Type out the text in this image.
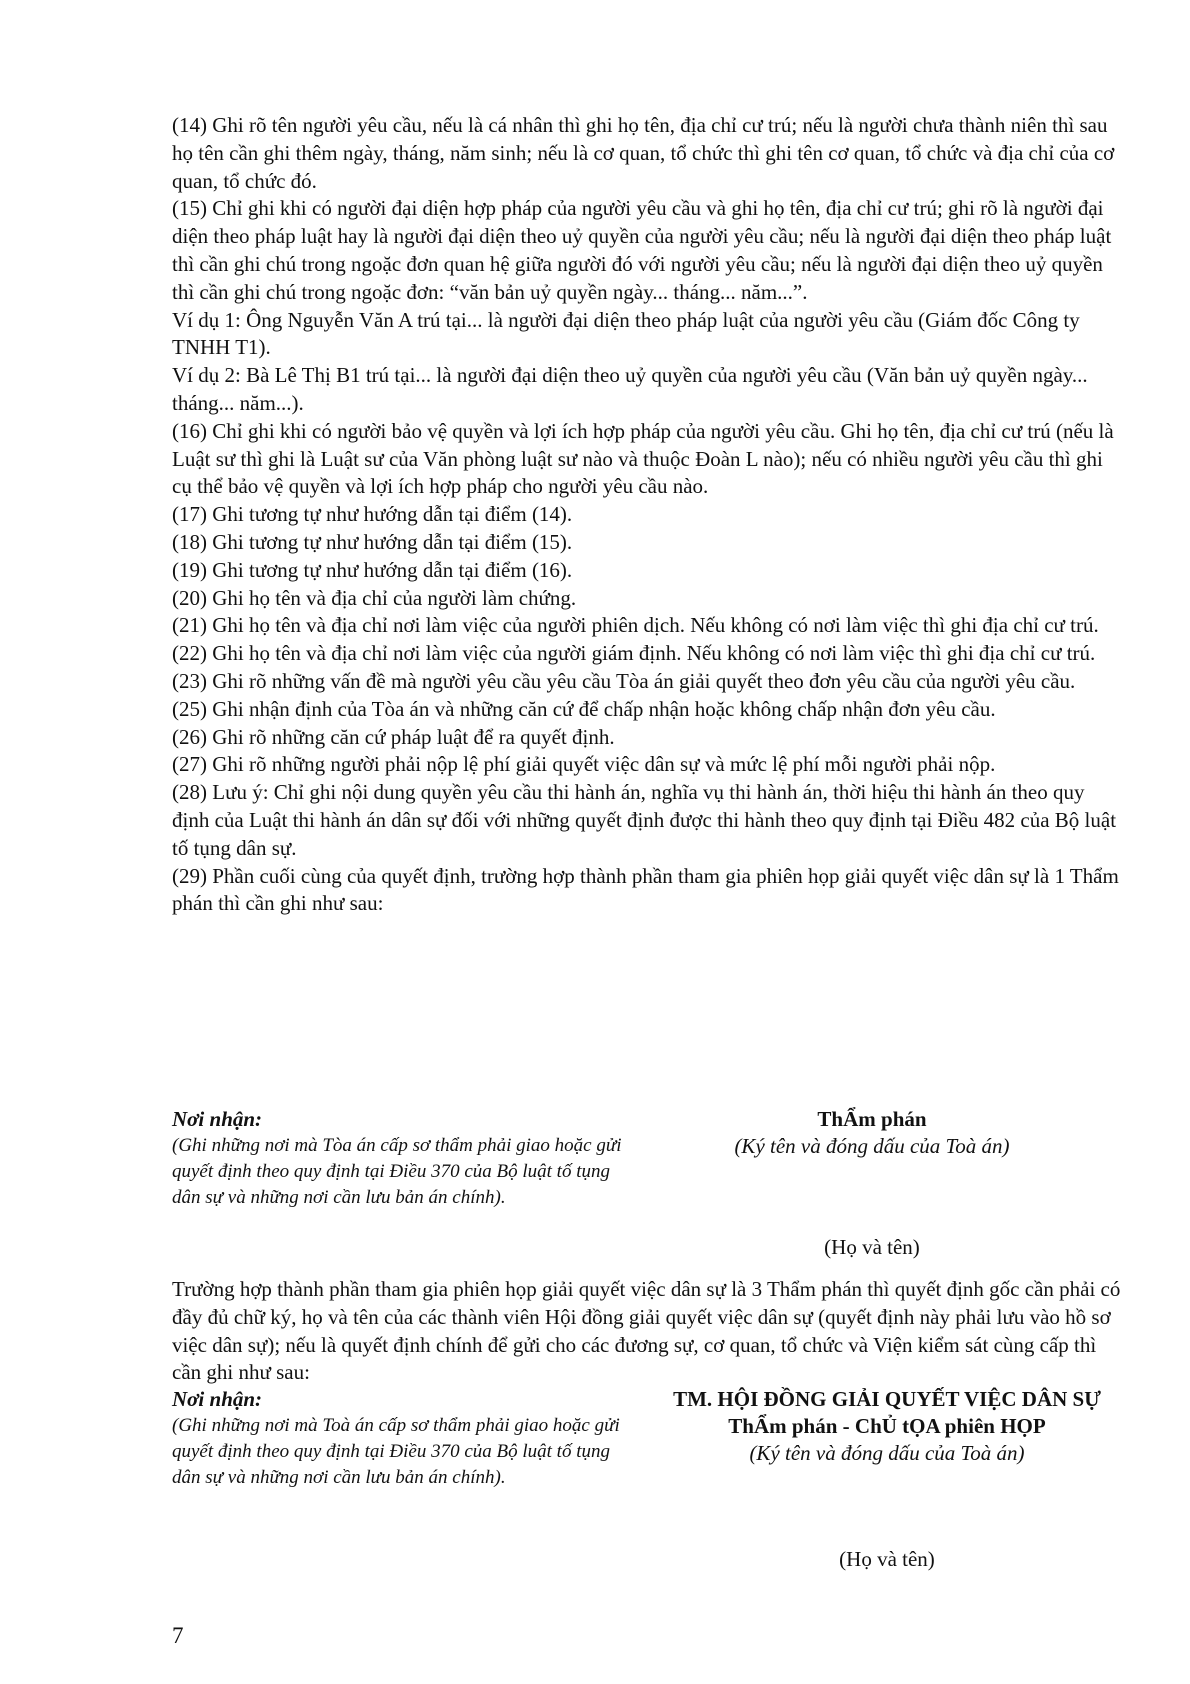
(14) Ghi rõ tên người yêu cầu, nếu là cá nhân thì ghi họ tên, địa chỉ cư trú; nếu là người chưa thành niên thì sau họ tên cần ghi thêm ngày, tháng, năm sinh; nếu là cơ quan, tổ chức thì ghi tên cơ quan, tổ chức và địa chỉ của cơ quan, tổ chức đó.

(15) Chỉ ghi khi có người đại diện hợp pháp của người yêu cầu và ghi họ tên, địa chỉ cư trú; ghi rõ là người đại diện theo pháp luật hay là người đại diện theo uỷ quyền của người yêu cầu; nếu là người đại diện theo pháp luật thì cần ghi chú trong ngoặc đơn quan hệ giữa người đó với người yêu cầu; nếu là người đại diện theo uỷ quyền thì cần ghi chú trong ngoặc đơn: “văn bản uỷ quyền ngày... tháng... năm...”.

Ví dụ 1: Ông Nguyễn Văn A trú tại... là người đại diện theo pháp luật của người yêu cầu (Giám đốc Công ty TNHH T1).

Ví dụ 2: Bà Lê Thị B1 trú tại... là người đại diện theo uỷ quyền của người yêu cầu (Văn bản uỷ quyền ngày... tháng... năm...).

(16) Chỉ ghi khi có người bảo vệ quyền và lợi ích hợp pháp của người yêu cầu. Ghi họ tên, địa chỉ cư trú (nếu là Luật sư thì ghi là Luật sư của Văn phòng luật sư nào và thuộc Đoàn L nào); nếu có nhiều người yêu cầu thì ghi cụ thể bảo vệ quyền và lợi ích hợp pháp cho người yêu cầu nào.

(17) Ghi tương tự như hướng dẫn tại điểm (14).

(18) Ghi tương tự như hướng dẫn tại điểm (15).

(19) Ghi tương tự như hướng dẫn tại điểm (16).

(20) Ghi họ tên và địa chỉ của người làm chứng.

(21) Ghi họ tên và địa chỉ nơi làm việc của người phiên dịch. Nếu không có nơi làm việc thì ghi địa chỉ cư trú.

(22) Ghi họ tên và địa chỉ nơi làm việc của người giám định. Nếu không có nơi làm việc thì ghi địa chỉ cư trú.

(23) Ghi rõ những vấn đề mà người yêu cầu yêu cầu Tòa án giải quyết theo đơn yêu cầu của người yêu cầu.

(25) Ghi nhận định của Tòa án và những căn cứ để chấp nhận hoặc không chấp nhận đơn yêu cầu.

(26) Ghi rõ những căn cứ pháp luật để ra quyết định.

(27) Ghi rõ những người phải nộp lệ phí giải quyết việc dân sự và mức lệ phí mỗi người phải nộp.

(28) Lưu ý: Chỉ ghi nội dung quyền yêu cầu thi hành án, nghĩa vụ thi hành án, thời hiệu thi hành án theo quy định của Luật thi hành án dân sự đối với những quyết định được thi hành theo quy định tại Điều 482 của Bộ luật tố tụng dân sự.

(29) Phần cuối cùng của quyết định, trường hợp thành phần tham gia phiên họp giải quyết việc dân sự là 1 Thẩm phán thì cần ghi như sau:

Nơi nhận:

(Ghi những nơi mà Tòa án cấp sơ thẩm phải giao hoặc gửi quyết định theo quy định tại Điều 370 của Bộ luật tố tụng dân sự và những nơi cần lưu bản án chính).

ThẨm phán

(Ký tên và đóng dấu của Toà án)

(Họ và tên)

Trường hợp thành phần tham gia phiên họp giải quyết việc dân sự là 3 Thẩm phán thì quyết định gốc cần phải có đầy đủ chữ ký, họ và tên của các thành viên Hội đồng giải quyết việc dân sự (quyết định này phải lưu vào hồ sơ việc dân sự); nếu là quyết định chính để gửi cho các đương sự, cơ quan, tổ chức và Viện kiểm sát cùng cấp thì cần ghi như sau:

Nơi nhận:

(Ghi những nơi mà Toà án cấp sơ thẩm phải giao hoặc gửi quyết định theo quy định tại Điều 370 của Bộ luật tố tụng dân sự và những nơi cần lưu bản án chính).

TM. HỘI ĐỒNG GIẢI QUYẾT VIỆC DÂN SỰ

ThẨm phán - ChỦ tỌA phiên HỌP

(Ký tên và đóng dấu của Toà án)

(Họ và tên)
7
